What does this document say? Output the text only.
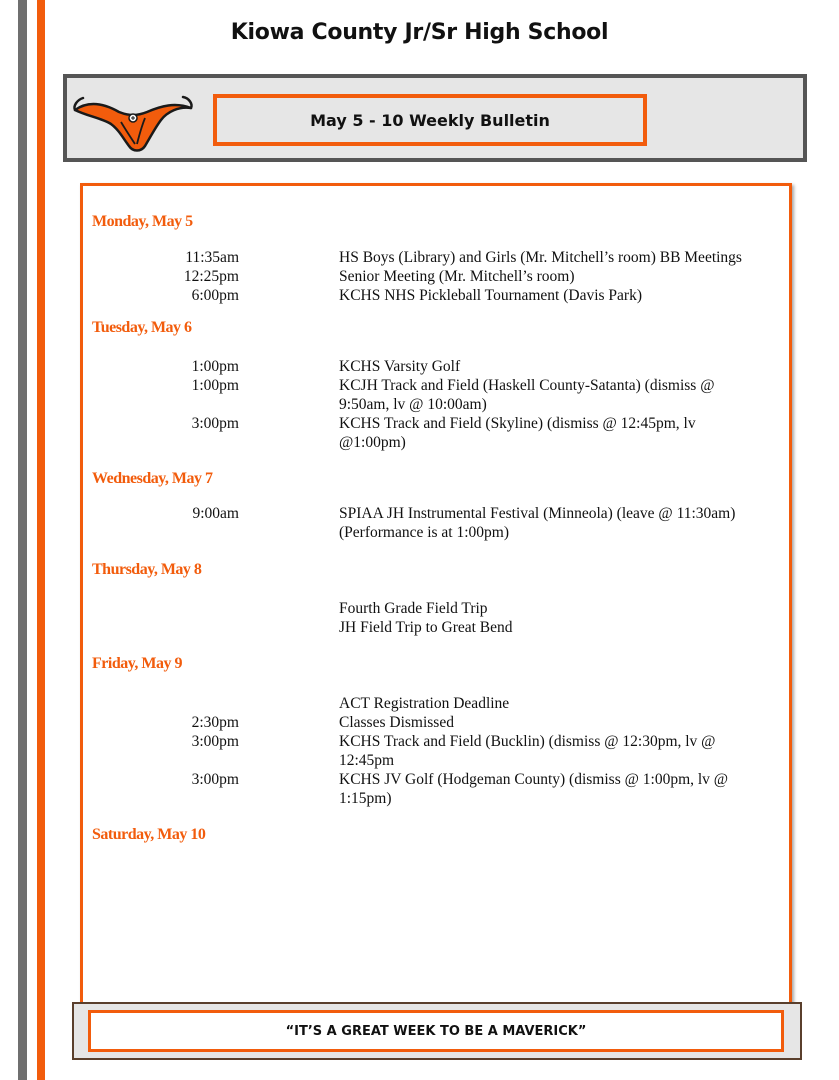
Kiowa County Jr/Sr High School
May 5 - 10 Weekly Bulletin
Monday, May 5
11:35am	HS Boys (Library) and Girls (Mr. Mitchell’s room) BB Meetings
12:25pm	Senior Meeting (Mr. Mitchell’s room)
6:00pm	KCHS NHS Pickleball Tournament (Davis Park)
Tuesday, May 6
1:00pm	KCHS Varsity Golf
1:00pm	KCJH Track and Field (Haskell County-Satanta) (dismiss @
9:50am, lv @ 10:00am)
3:00pm	KCHS Track and Field (Skyline) (dismiss @ 12:45pm, lv
@1:00pm)
Wednesday, May 7
9:00am	SPIAA JH Instrumental Festival (Minneola) (leave @ 11:30am)
(Performance is at 1:00pm)
Thursday, May 8
Fourth Grade Field Trip
JH Field Trip to Great Bend
Friday, May 9
ACT Registration Deadline
2:30pm	Classes Dismissed
3:00pm	KCHS Track and Field (Bucklin) (dismiss @ 12:30pm, lv @
12:45pm
3:00pm	KCHS JV Golf (Hodgeman County) (dismiss @ 1:00pm, lv @
1:15pm)
Saturday, May 10
“IT’S A GREAT WEEK TO BE A MAVERICK”
